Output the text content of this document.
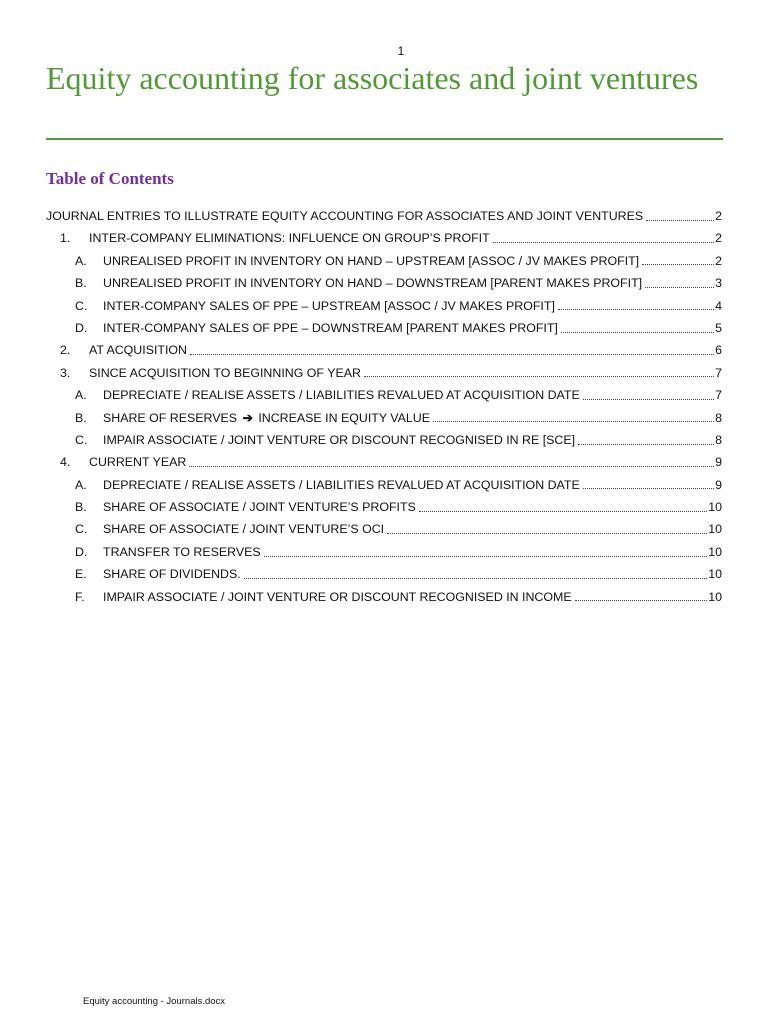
1
Equity accounting for associates and joint ventures
Table of Contents
JOURNAL ENTRIES TO ILLUSTRATE EQUITY ACCOUNTING FOR ASSOCIATES AND JOINT VENTURES	2
1.	INTER-COMPANY ELIMINATIONS: INFLUENCE ON GROUP’S PROFIT	2
A.	UNREALISED PROFIT IN INVENTORY ON HAND – UPSTREAM [ASSOC / JV MAKES PROFIT]	2
B.	UNREALISED PROFIT IN INVENTORY ON HAND – DOWNSTREAM [PARENT MAKES PROFIT]	3
C.	INTER-COMPANY SALES OF PPE – UPSTREAM [ASSOC / JV MAKES PROFIT]	4
D.	INTER-COMPANY SALES OF PPE – DOWNSTREAM [PARENT MAKES PROFIT]	5
2.	AT ACQUISITION	6
3.	SINCE ACQUISITION TO BEGINNING OF YEAR	7
A.	DEPRECIATE / REALISE ASSETS / LIABILITIES REVALUED AT ACQUISITION DATE	7
B.	SHARE OF RESERVES ➔ INCREASE IN EQUITY VALUE	8
C.	IMPAIR ASSOCIATE / JOINT VENTURE OR DISCOUNT RECOGNISED IN RE [SCE]	8
4.	CURRENT YEAR	9
A.	DEPRECIATE / REALISE ASSETS / LIABILITIES REVALUED AT ACQUISITION DATE	9
B.	SHARE OF ASSOCIATE / JOINT VENTURE’S PROFITS	10
C.	SHARE OF ASSOCIATE / JOINT VENTURE’S OCI	10
D.	TRANSFER TO RESERVES	10
E.	SHARE OF DIVIDENDS.	10
F.	IMPAIR ASSOCIATE / JOINT VENTURE OR DISCOUNT RECOGNISED IN INCOME	10
Equity accounting - Journals.docx
